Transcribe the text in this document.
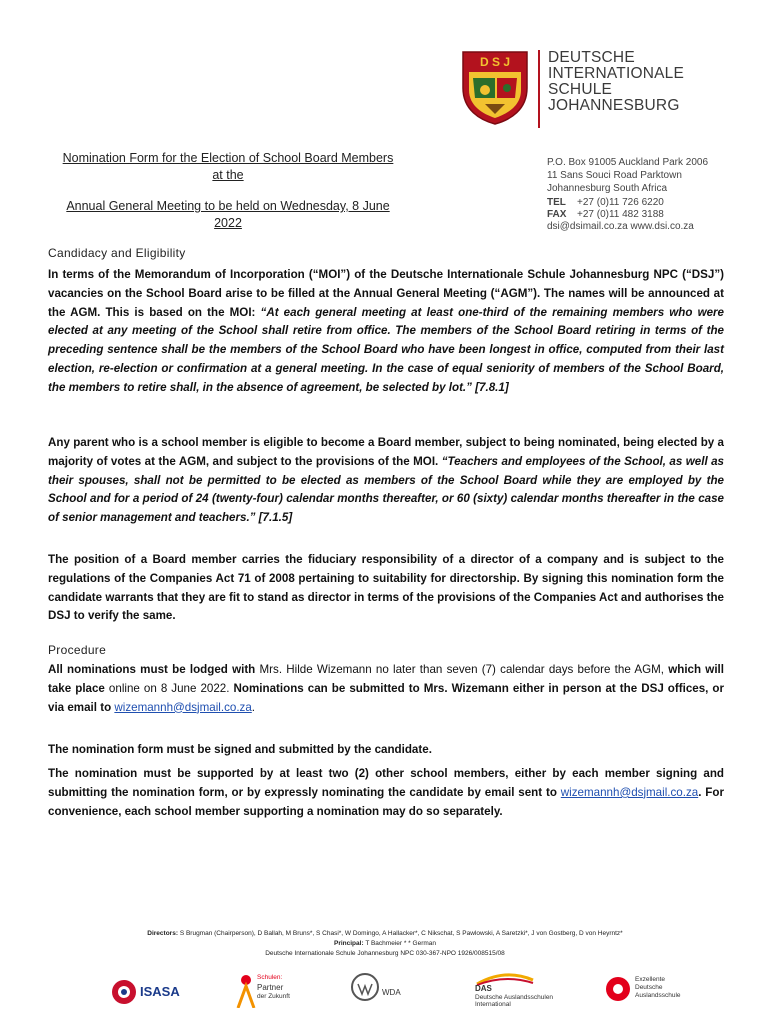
D S J DEUTSCHE
INTERNATIONALE
SCHULE
JOHANNESBURG
P.O. Box 91005 Auckland Park 2006
11 Sans Souci Road Parktown
Johannesburg South Africa
TEL +27 (0)11 726 6220
FAX +27 (0)11 482 3188
dsi@dsimail.co.za www.dsi.co.za

Nomination Form for the Election of School Board Members

at the

Annual General Meeting to be held on Wednesday, 8 June

2022

Candidacy and Eligibility
In terms of the Memorandum of Incorporation (“MOI”) of the Deutsche Internationale Schule Johannesburg NPC (“DSJ”) vacancies on the School Board arise to be filled at the Annual General Meeting (“AGM”). The names will be announced at the AGM. This is based on the MOI: “At each general meeting at least one-third of the remaining members who were elected at any meeting of the School shall retire from office. The members of the School Board retiring in terms of the preceding sentence shall be the members of the School Board who have been longest in office, computed from their last election, re-election or confirmation at a general meeting. In the case of equal seniority of members of the School Board, the members to retire shall, in the absence of agreement, be selected by lot.” [7.8.1]
Any parent who is a school member is eligible to become a Board member, subject to being nominated, being elected by a majority of votes at the AGM, and subject to the provisions of the MOI. “Teachers and employees of the School, as well as their spouses, shall not be permitted to be elected as members of the School Board while they are employed by the School and for a period of 24 (twenty-four) calendar months thereafter, or 60 (sixty) calendar months thereafter in the case of senior management and teachers.” [7.1.5]
The position of a Board member carries the fiduciary responsibility of a director of a company and is subject to the regulations of the Companies Act 71 of 2008 pertaining to suitability for directorship. By signing this nomination form the candidate warrants that they are fit to stand as director in terms of the provisions of the Companies Act and authorises the DSJ to verify the same.
Procedure
All nominations must be lodged with Mrs. Hilde Wizemann no later than seven (7) calendar days before the AGM, which will take place online on 8 June 2022. Nominations can be submitted to Mrs. Wizemann either in person at the DSJ offices, or via email to wizemannh@dsjmail.co.za.
The nomination form must be signed and submitted by the candidate.
The nomination must be supported by at least two (2) other school members, either by each member signing and submitting the nomination form, or by expressly nominating the candidate by email sent to wizemannh@dsjmail.co.za. For convenience, each school member supporting a nomination may do so separately.
Directors: S Brugman (Chairperson), D Ballah, M Bruns*, S Chasi*, W Domingo, A Hallacker*, C Nikschat, S Pawlowski, A Saretzki*, J von Gostberg, D von Heyrntz*
Principal: T Bachmeier * * German
Deutsche Internationale Schule Johannesburg NPC 030-367-NPO 1926/008515/08
ISASA
Schulen:
Partner
der Zukunft	WDA	DAS
Deutsche Auslandsschulen
International
Exzellente
Deutsche
Auslandsschule
